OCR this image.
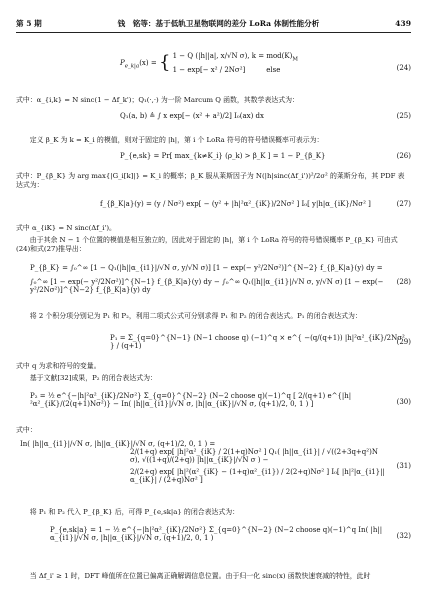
第 5 期	钱　铭等：基于低轨卫星物联网的差分 LoRa 体制性能分析	439
$P_{e\_k|a}(x)$ = { 1 − Q (|h||a|, x/√N σ), $k = mod(K)_M$
1 − exp[− x² / 2Nσ²]　　　	else	(24)
式中：α_{i,k} = N sinc(1 − Δf_k')；Q₁(·,·) 为一阶 Marcum Q 函数，其数学表达式为：
Q₁(a, b) ≜ ∫ x exp[− (x² + a²)/2] I₀(ax) dx	(25)
定义 β_K 为 k = K_i 的模值，则对于固定的 |h|，第 i 个 LoRa 符号的符号错误概率可表示为：
P_{e,sk} = Pr[ max_{k≠K_i} (ρ_k) > β_K ] = 1 − P_{β_K}	(26)
式中：P_{β_K} 为 arg max{|G_i[k]|} = K_i 的概率；β_K 服从莱斯因子为 N(|h|sinc(Δf_i'))²/2σ² 的莱斯分布，其 PDF 表达式为：
f_{β_K|a}(y) = (y / Nσ²) exp[ − (y² + |h|²α²_{iK})/2Nσ² ] I₀[ y|h|α_{iK}/Nσ² ]	(27)
式中 α_{iK} = N sinc(Δf_i')。
由于其余 N − 1 个位置的模值是相互独立的，因此对于固定的 |h|，第 i 个 LoRa 符号的符号错误概率 P_{β_K} 可由式(24)和式(27)推导出：
P_{β_K} = ∫₀^∞ [1 − Q₁(|h||α_{i1}|/√N σ, y/√N σ)] [1 − exp(− y²/2Nσ²)]^{N−2} f_{β_K|a}(y) dy =
∫₀^∞ [1 − exp(− y²/2Nσ²)]^{N−1} f_{β_K|a}(y) dy − ∫₀^∞ Q₁(|h||α_{i1}|/√N σ, y/√N σ) [1 − exp(− y²/2Nσ²)]^{N−2} f_{β_K|a}(y) dy
(28)
将 2 个积分项分别记为 P₁ 和 P₂，利用二项式公式可分别求得 P₁ 和 P₂ 的闭合表达式。P₁ 的闭合表达式为：
P₁ = Σ_{q=0}^{N−1} (N−1 choose q) (−1)^q × e^{ −(q/(q+1)) |h|²α²_{iK}/2Nσ² } / (q+1)
(29)
式中 q 为求和符号的变量。
基于文献[32]成果，P₂ 的闭合表达式为：
P₂ = ½ e^{−|h|²α²_{iK}/2Nσ²} Σ_{q=0}^{N−2} (N−2 choose q)(−1)^q [ 2/(q+1) e^{|h|²α²_{iK}/(2(q+1)Nσ²)} − In( |h||α_{i1}|/√N σ, |h||α_{iK}|/√N σ, (q+1)/2, 0, 1 ) ]	(30)
式中：
In( |h||α_{i1}|/√N σ, |h||α_{iK}|/√N σ, (q+1)/2, 0, 1 ) =
2/(1+q) exp[ |h|²α²_{iK} / 2(1+q)Nσ² ] Q₁( |h||α_{i1}| / √((2+3q+q²)N σ), √((1+q)/(2+q)) |h||α_{iK}|/√N σ ) −
2/(2+q) exp[ |h|²(α²_{iK} − (1+q)α²_{i1}) / 2(2+q)Nσ² ] I₀[ |h|²|α_{i1}||α_{iK}| / (2+q)Nσ² ]
(31)
将 P₁ 和 P₂ 代入 P_{β_K} 后，可得 P_{e,sk|a} 的闭合表达式为：
P_{e,sk|a} = 1 − ½ e^{−|h|²α²_{iK}/2Nσ²} Σ_{q=0}^{N−2} (N−2 choose q)(−1)^q In( |h||α_{i1}|/√N σ, |h||α_{iK}|/√N σ, (q+1)/2, 0, 1 )	(32)
当 Δf_i' ≥ 1 时，DFT 峰值所在位置已偏离正确解调信息位置。由于归一化 sinc(x) 函数快速衰减的特性，此时
